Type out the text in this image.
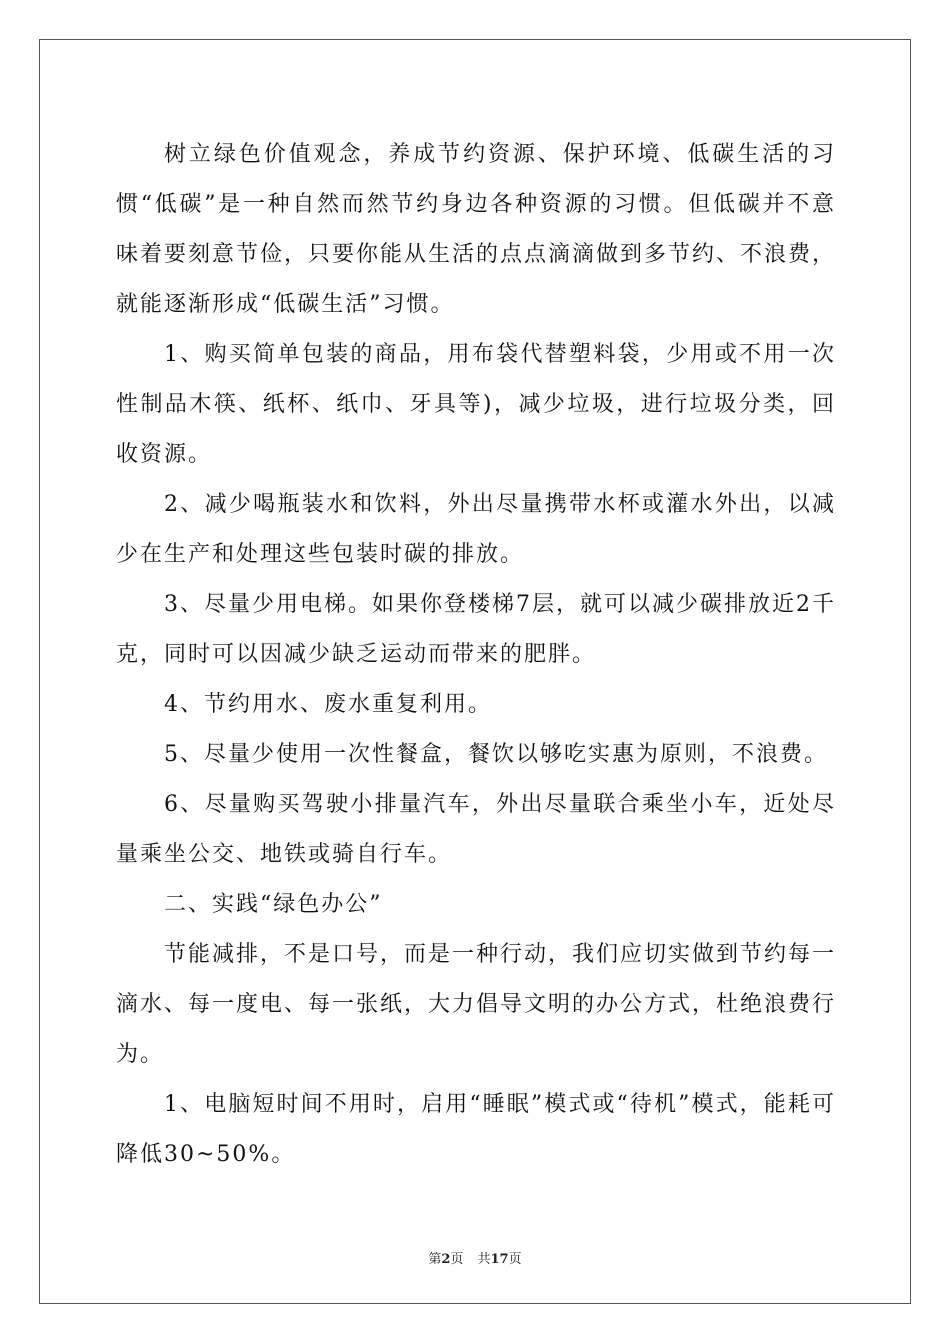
树立绿色价值观念，养成节约资源、保护环境、低碳生活的习惯“低碳”是一种自然而然节约身边各种资源的习惯。但低碳并不意味着要刻意节俭，只要你能从生活的点点滴滴做到多节约、不浪费，就能逐渐形成“低碳生活”习惯。

1、购买简单包装的商品，用布袋代替塑料袋，少用或不用一次性制品木筷、纸杯、纸巾、牙具等)，减少垃圾，进行垃圾分类，回收资源。

2、减少喝瓶装水和饮料，外出尽量携带水杯或灌水外出，以减少在生产和处理这些包装时碳的排放。

3、尽量少用电梯。如果你登楼梯7层，就可以减少碳排放近2千克，同时可以因减少缺乏运动而带来的肥胖。

4、节约用水、废水重复利用。

5、尽量少使用一次性餐盒，餐饮以够吃实惠为原则，不浪费。

6、尽量购买驾驶小排量汽车，外出尽量联合乘坐小车，近处尽量乘坐公交、地铁或骑自行车。

二、实践“绿色办公”

节能减排，不是口号，而是一种行动，我们应切实做到节约每一滴水、每一度电、每一张纸，大力倡导文明的办公方式，杜绝浪费行为。

1、电脑短时间不用时，启用“睡眠”模式或“待机”模式，能耗可降低30~50%。

第2页 共17页
